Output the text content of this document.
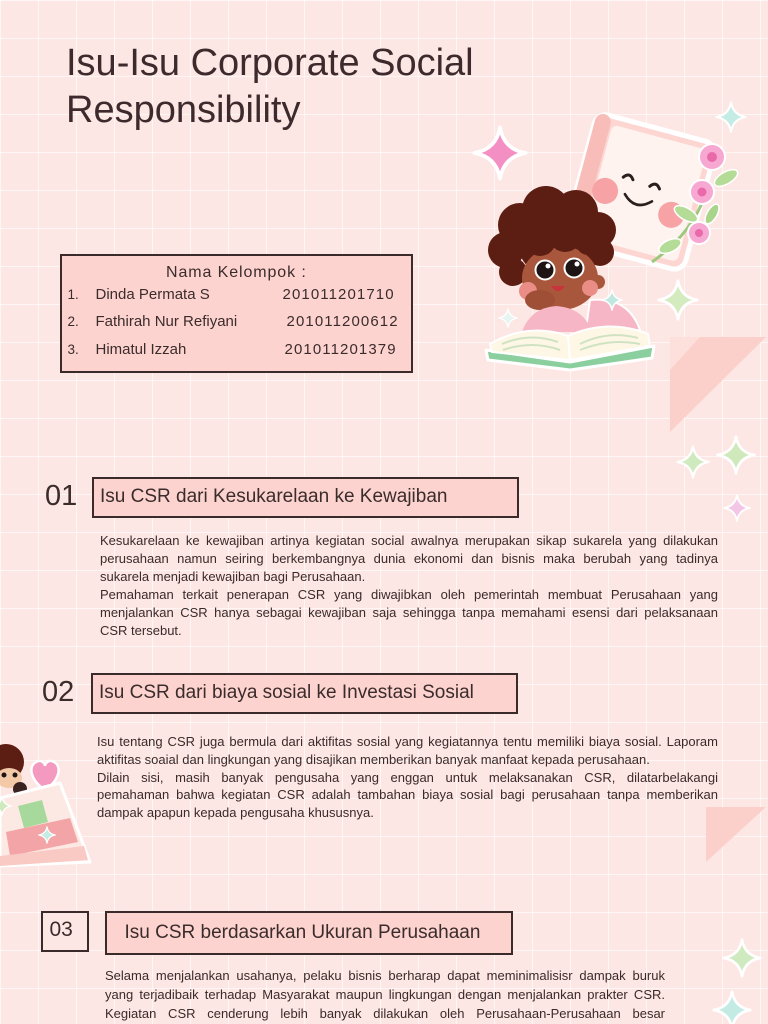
Isu-Isu Corporate Social
Responsibility
Nama Kelompok :
1. Dinda Permata S	201011201710
2. Fathirah Nur Refiyani	201011200612
3. Himatul Izzah	201011201379
01	Isu CSR dari Kesukarelaan ke Kewajiban
Kesukarelaan ke kewajiban artinya kegiatan social awalnya merupakan sikap sukarela yang dilakukan
perusahaan namun seiring berkembangnya dunia ekonomi dan bisnis maka berubah yang tadinya
sukarela menjadi kewajiban bagi Perusahaan.
Pemahaman terkait penerapan CSR yang diwajibkan oleh pemerintah membuat Perusahaan yang
menjalankan CSR hanya sebagai kewajiban saja sehingga tanpa memahami esensi dari pelaksanaan
CSR tersebut.
02	Isu CSR dari biaya sosial ke Investasi Sosial
Isu tentang CSR juga bermula dari aktifitas sosial yang kegiatannya tentu memiliki biaya sosial. Laporam
aktifitas soaial dan lingkungan yang disajikan memberikan banyak manfaat kepada perusahaan.
Dilain sisi, masih banyak pengusaha yang enggan untuk melaksanakan CSR, dilatarbelakangi
pemahaman bahwa kegiatan CSR adalah tambahan biaya sosial bagi perusahaan tanpa memberikan
dampak apapun kepada pengusaha khususnya.
03	Isu CSR berdasarkan Ukuran Perusahaan
Selama menjalankan usahanya, pelaku bisnis berharap dapat meminimalisisr dampak buruk
yang terjadibaik terhadap Masyarakat maupun lingkungan dengan menjalankan prakter CSR.
Kegiatan CSR cenderung lebih banyak dilakukan oleh Perusahaan-Perusahaan besar
